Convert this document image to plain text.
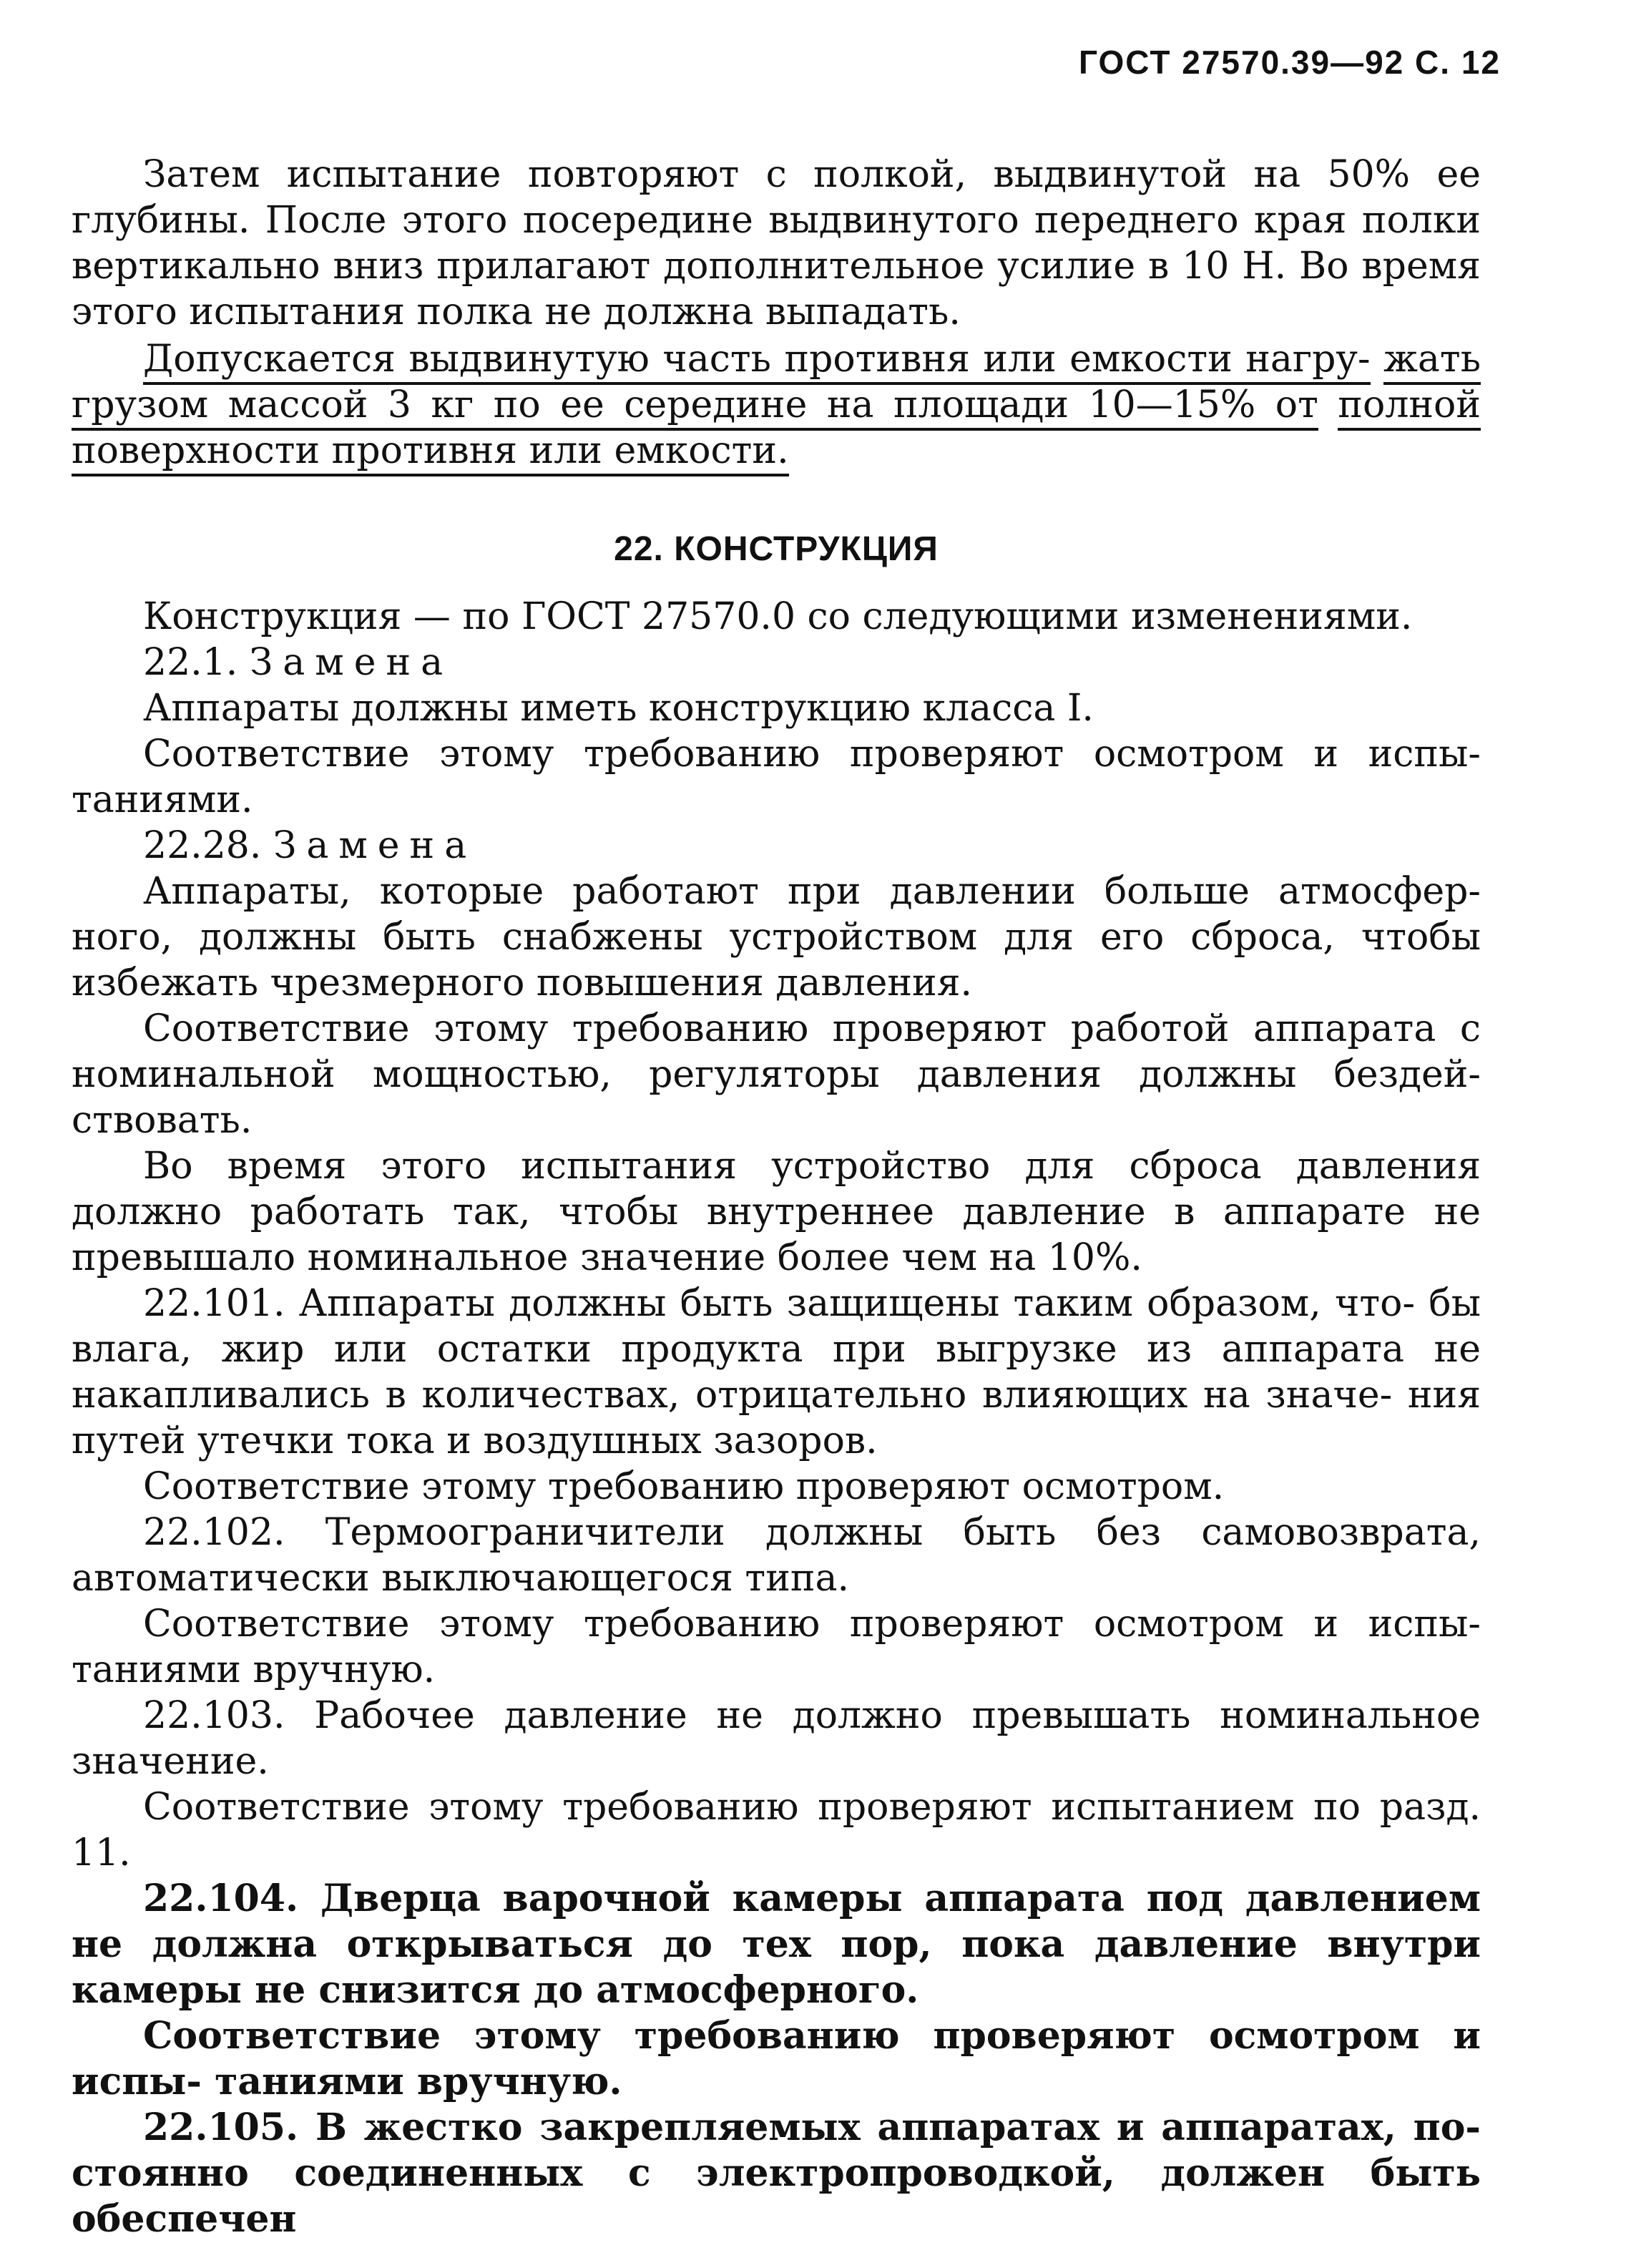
ГОСТ 27570.39—92 С. 12
Затем испытание повторяют с полкой, выдвинутой на 50% ее глубины. После этого посередине выдвинутого переднего края полки вертикально вниз прилагают дополнительное усилие в 10 Н. Во время этого испытания полка не должна выпадать.
Допускается выдвинутую часть противня или емкости нагру- жать грузом массой 3 кг по ее середине на площади 10—15% от полной поверхности противня или емкости.
22. КОНСТРУКЦИЯ

Конструкция — по ГОСТ 27570.0 со следующими изменениями.

22.1. Замена

Аппараты должны иметь конструкцию класса I.

Соответствие этому требованию проверяют осмотром и испы- таниями.

22.28. Замена

Аппараты, которые работают при давлении больше атмосфер- ного, должны быть снабжены устройством для его сброса, чтобы избежать чрезмерного повышения давления.

Соответствие этому требованию проверяют работой аппарата с номинальной мощностью, регуляторы давления должны бездей- ствовать.

Во время этого испытания устройство для сброса давления должно работать так, чтобы внутреннее давление в аппарате не превышало номинальное значение более чем на 10%.

22.101. Аппараты должны быть защищены таким образом, что- бы влага, жир или остатки продукта при выгрузке из аппарата не накапливались в количествах, отрицательно влияющих на значе- ния путей утечки тока и воздушных зазоров.

Соответствие этому требованию проверяют осмотром.

22.102. Термоограничители должны быть без самовозврата, автоматически выключающегося типа.

Соответствие этому требованию проверяют осмотром и испы- таниями вручную.

22.103. Рабочее давление не должно превышать номинальное значение.

Соответствие этому требованию проверяют испытанием по разд. 11.

22.104. Дверца варочной камеры аппарата под давлением не должна открываться до тех пор, пока давление внутри камеры не снизится до атмосферного.

Соответствие этому требованию проверяют осмотром и испы- таниями вручную.

22.105. В жестко закрепляемых аппаратах и аппаратах, по- стоянно соединенных с электропроводкой, должен быть обеспечен
